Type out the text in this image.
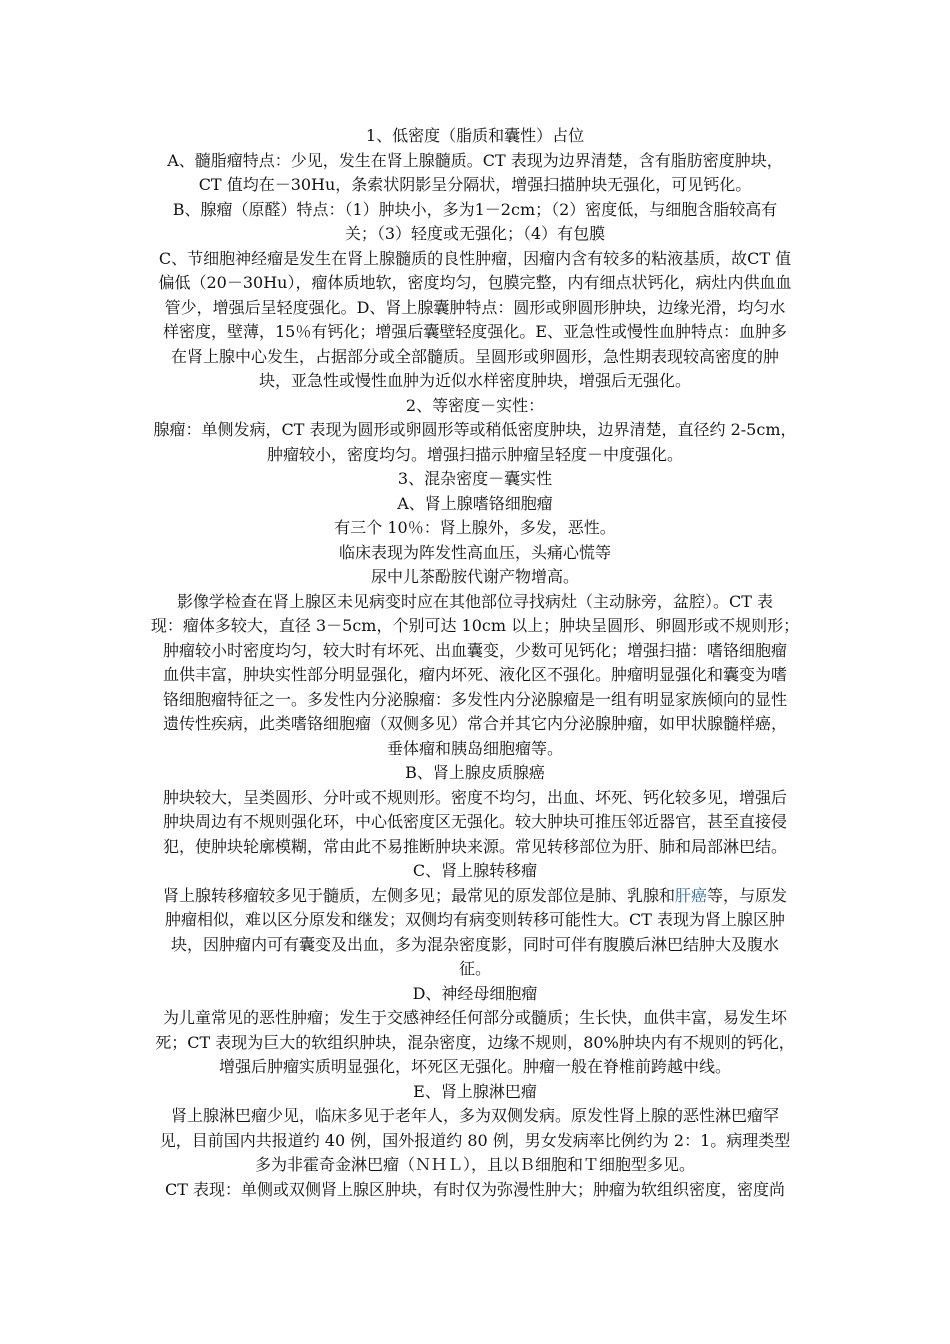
1、低密度（脂质和囊性）占位
A、髓脂瘤特点：少见，发生在肾上腺髓质。CT 表现为边界清楚，含有脂肪密度肿块，
CT 值均在－30Hu，条索状阴影呈分隔状，增强扫描肿块无强化，可见钙化。
B、腺瘤（原醛）特点：（1）肿块小，多为1－2cm；（2）密度低，与细胞含脂较高有
关；（3）轻度或无强化；（4）有包膜
C、节细胞神经瘤是发生在肾上腺髓质的良性肿瘤，因瘤内含有较多的粘液基质，故CT 值
偏低（20－30Hu），瘤体质地软，密度均匀，包膜完整，内有细点状钙化，病灶内供血血
管少，增强后呈轻度强化。D、肾上腺囊肿特点：圆形或卵圆形肿块，边缘光滑，均匀水
样密度，壁薄，15％有钙化；增强后囊壁轻度强化。E、亚急性或慢性血肿特点：血肿多
在肾上腺中心发生，占据部分或全部髓质。呈圆形或卵圆形，急性期表现较高密度的肿
块，亚急性或慢性血肿为近似水样密度肿块，增强后无强化。
2、等密度－实性：
腺瘤：单侧发病，CT 表现为圆形或卵圆形等或稍低密度肿块，边界清楚，直径约 2-5cm，
肿瘤较小，密度均匀。增强扫描示肿瘤呈轻度－中度强化。
3、混杂密度－囊实性
A、肾上腺嗜铬细胞瘤
有三个 10％：肾上腺外，多发，恶性。
临床表现为阵发性高血压，头痛心慌等
尿中儿茶酚胺代谢产物增高。
影像学检查在肾上腺区未见病变时应在其他部位寻找病灶（主动脉旁，盆腔）。CT 表
现：瘤体多较大，直径 3－5cm，个别可达 10cm 以上；肿块呈圆形、卵圆形或不规则形；
肿瘤较小时密度均匀，较大时有坏死、出血囊变，少数可见钙化；增强扫描：嗜铬细胞瘤
血供丰富，肿块实性部分明显强化，瘤内坏死、液化区不强化。肿瘤明显强化和囊变为嗜
铬细胞瘤特征之一。多发性内分泌腺瘤：多发性内分泌腺瘤是一组有明显家族倾向的显性
遗传性疾病，此类嗜铬细胞瘤（双侧多见）常合并其它内分泌腺肿瘤，如甲状腺髓样癌，
垂体瘤和胰岛细胞瘤等。
B、肾上腺皮质腺癌
肿块较大，呈类圆形、分叶或不规则形。密度不均匀，出血、坏死、钙化较多见，增强后
肿块周边有不规则强化环，中心低密度区无强化。较大肿块可推压邻近器官，甚至直接侵
犯，使肿块轮廓模糊，常由此不易推断肿块来源。常见转移部位为肝、肺和局部淋巴结。
C、肾上腺转移瘤
肾上腺转移瘤较多见于髓质，左侧多见；最常见的原发部位是肺、乳腺和肝癌等，与原发
肿瘤相似，难以区分原发和继发；双侧均有病变则转移可能性大。CT 表现为肾上腺区肿
块，因肿瘤内可有囊变及出血，多为混杂密度影，同时可伴有腹膜后淋巴结肿大及腹水
征。
D、神经母细胞瘤
为儿童常见的恶性肿瘤；发生于交感神经任何部分或髓质；生长快，血供丰富，易发生坏
死；CT 表现为巨大的软组织肿块，混杂密度，边缘不规则，80%肿块内有不规则的钙化，
增强后肿瘤实质明显强化，坏死区无强化。肿瘤一般在脊椎前跨越中线。
E、肾上腺淋巴瘤
肾上腺淋巴瘤少见，临床多见于老年人，多为双侧发病。原发性肾上腺的恶性淋巴瘤罕
见，目前国内共报道约 40 例，国外报道约 80 例，男女发病率比例约为 2：1。病理类型
多为非霍奇金淋巴瘤（ＮＨＬ），且以Ｂ细胞和Ｔ细胞型多见。
CT 表现：单侧或双侧肾上腺区肿块，有时仅为弥漫性肿大；肿瘤为软组织密度，密度尚
